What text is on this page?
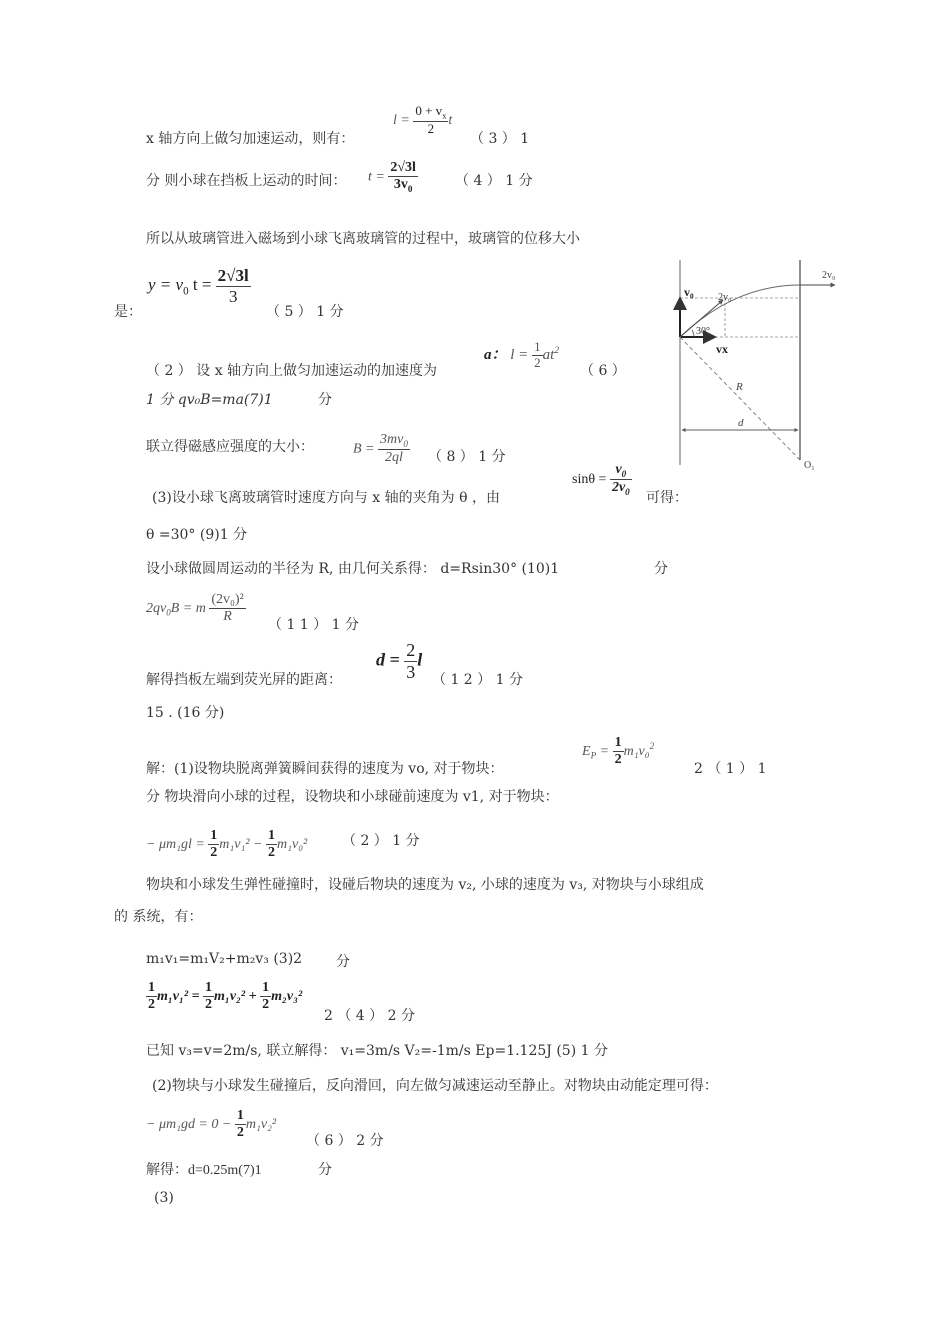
x 轴方向上做匀加速运动，则有：
$l = \frac{0 + v_x}{2}$ t
（ 3 ） 1
分 则小球在挡板上运动的时间： $t = \frac{2√3l}{3v_0}$	（ 4 ） 1 分
所以从玻璃管进入磁场到小球飞离玻璃管的过程中，玻璃管的位移大小
是：
$y = v_0$ $t = \frac{2√3l}{3}$
（ 5 ） 1 分
（ 2 ） 设 x 轴方向上做匀加速运动的加速度为
a： $l = \frac{1}{2} at^2$
（ 6 ）
1 分 qv₀B=ma(7)1	分
联立得磁感应强度的大小：	$B = \frac{3mv_0}{2ql}$ （ 8 ） 1 分
(3)设小球飞离玻璃管时速度方向与 x 轴的夹角为 θ ，由
$\sin\theta = \frac{v_0}{2v_0}$
可得：
θ =30° (9)1 分
设小球做圆周运动的半径为 R, 由几何关系得： d=Rsin30° (10)1	分
$2qv_0B = m \frac{\text{(2v₀)²}}{R}$ （ 1 1 ） 1 分
解得挡板左端到荧光屏的距离：
$d = \frac{2}{3}$ l
（ 1 2 ） 1 分
15 . (16 分)
解：(1)设物块脱离弹簧瞬间获得的速度为 vo, 对于物块：
$E_P = \frac{1}{2} m_1v_0^2$
2 （ 1 ） 1
分 物块滑向小球的过程，设物块和小球碰前速度为 v1, 对于物块：
− $\mu m_1gl = \frac{1}{2} m_1v_1^2 - \frac{1}{2} m_1v_0^2$ （ 2 ） 1 分
物块和小球发生弹性碰撞时，设碰后物块的速度为 v₂, 小球的速度为 v₃, 对物块与小球组成
的 系统，有：
m₁v₁=m₁V₂+m₂v₃ (3)2 分
$\frac{1}{2} m_1v_1^2 = \frac{1}{2} m_1v_2^2 + \frac{1}{2} m_2v_3^2$
2 （ 4 ） 2 分
已知 v₃=v=2m/s, 联立解得： v₁=3m/s V₂=-1m/s Ep=1.125J (5) 1 分
(2)物块与小球发生碰撞后，反向滑回，向左做匀减速运动至静止。对物块由动能定理可得：
− $\mu m_1gd = 0 - \frac{1}{2} m_1v_2^2$
（ 6 ） 2 分
解得：d=0.25m(7)1	分
(3)
v₀ 2v₀
2v₀
30°
vx
R
d
O₁
